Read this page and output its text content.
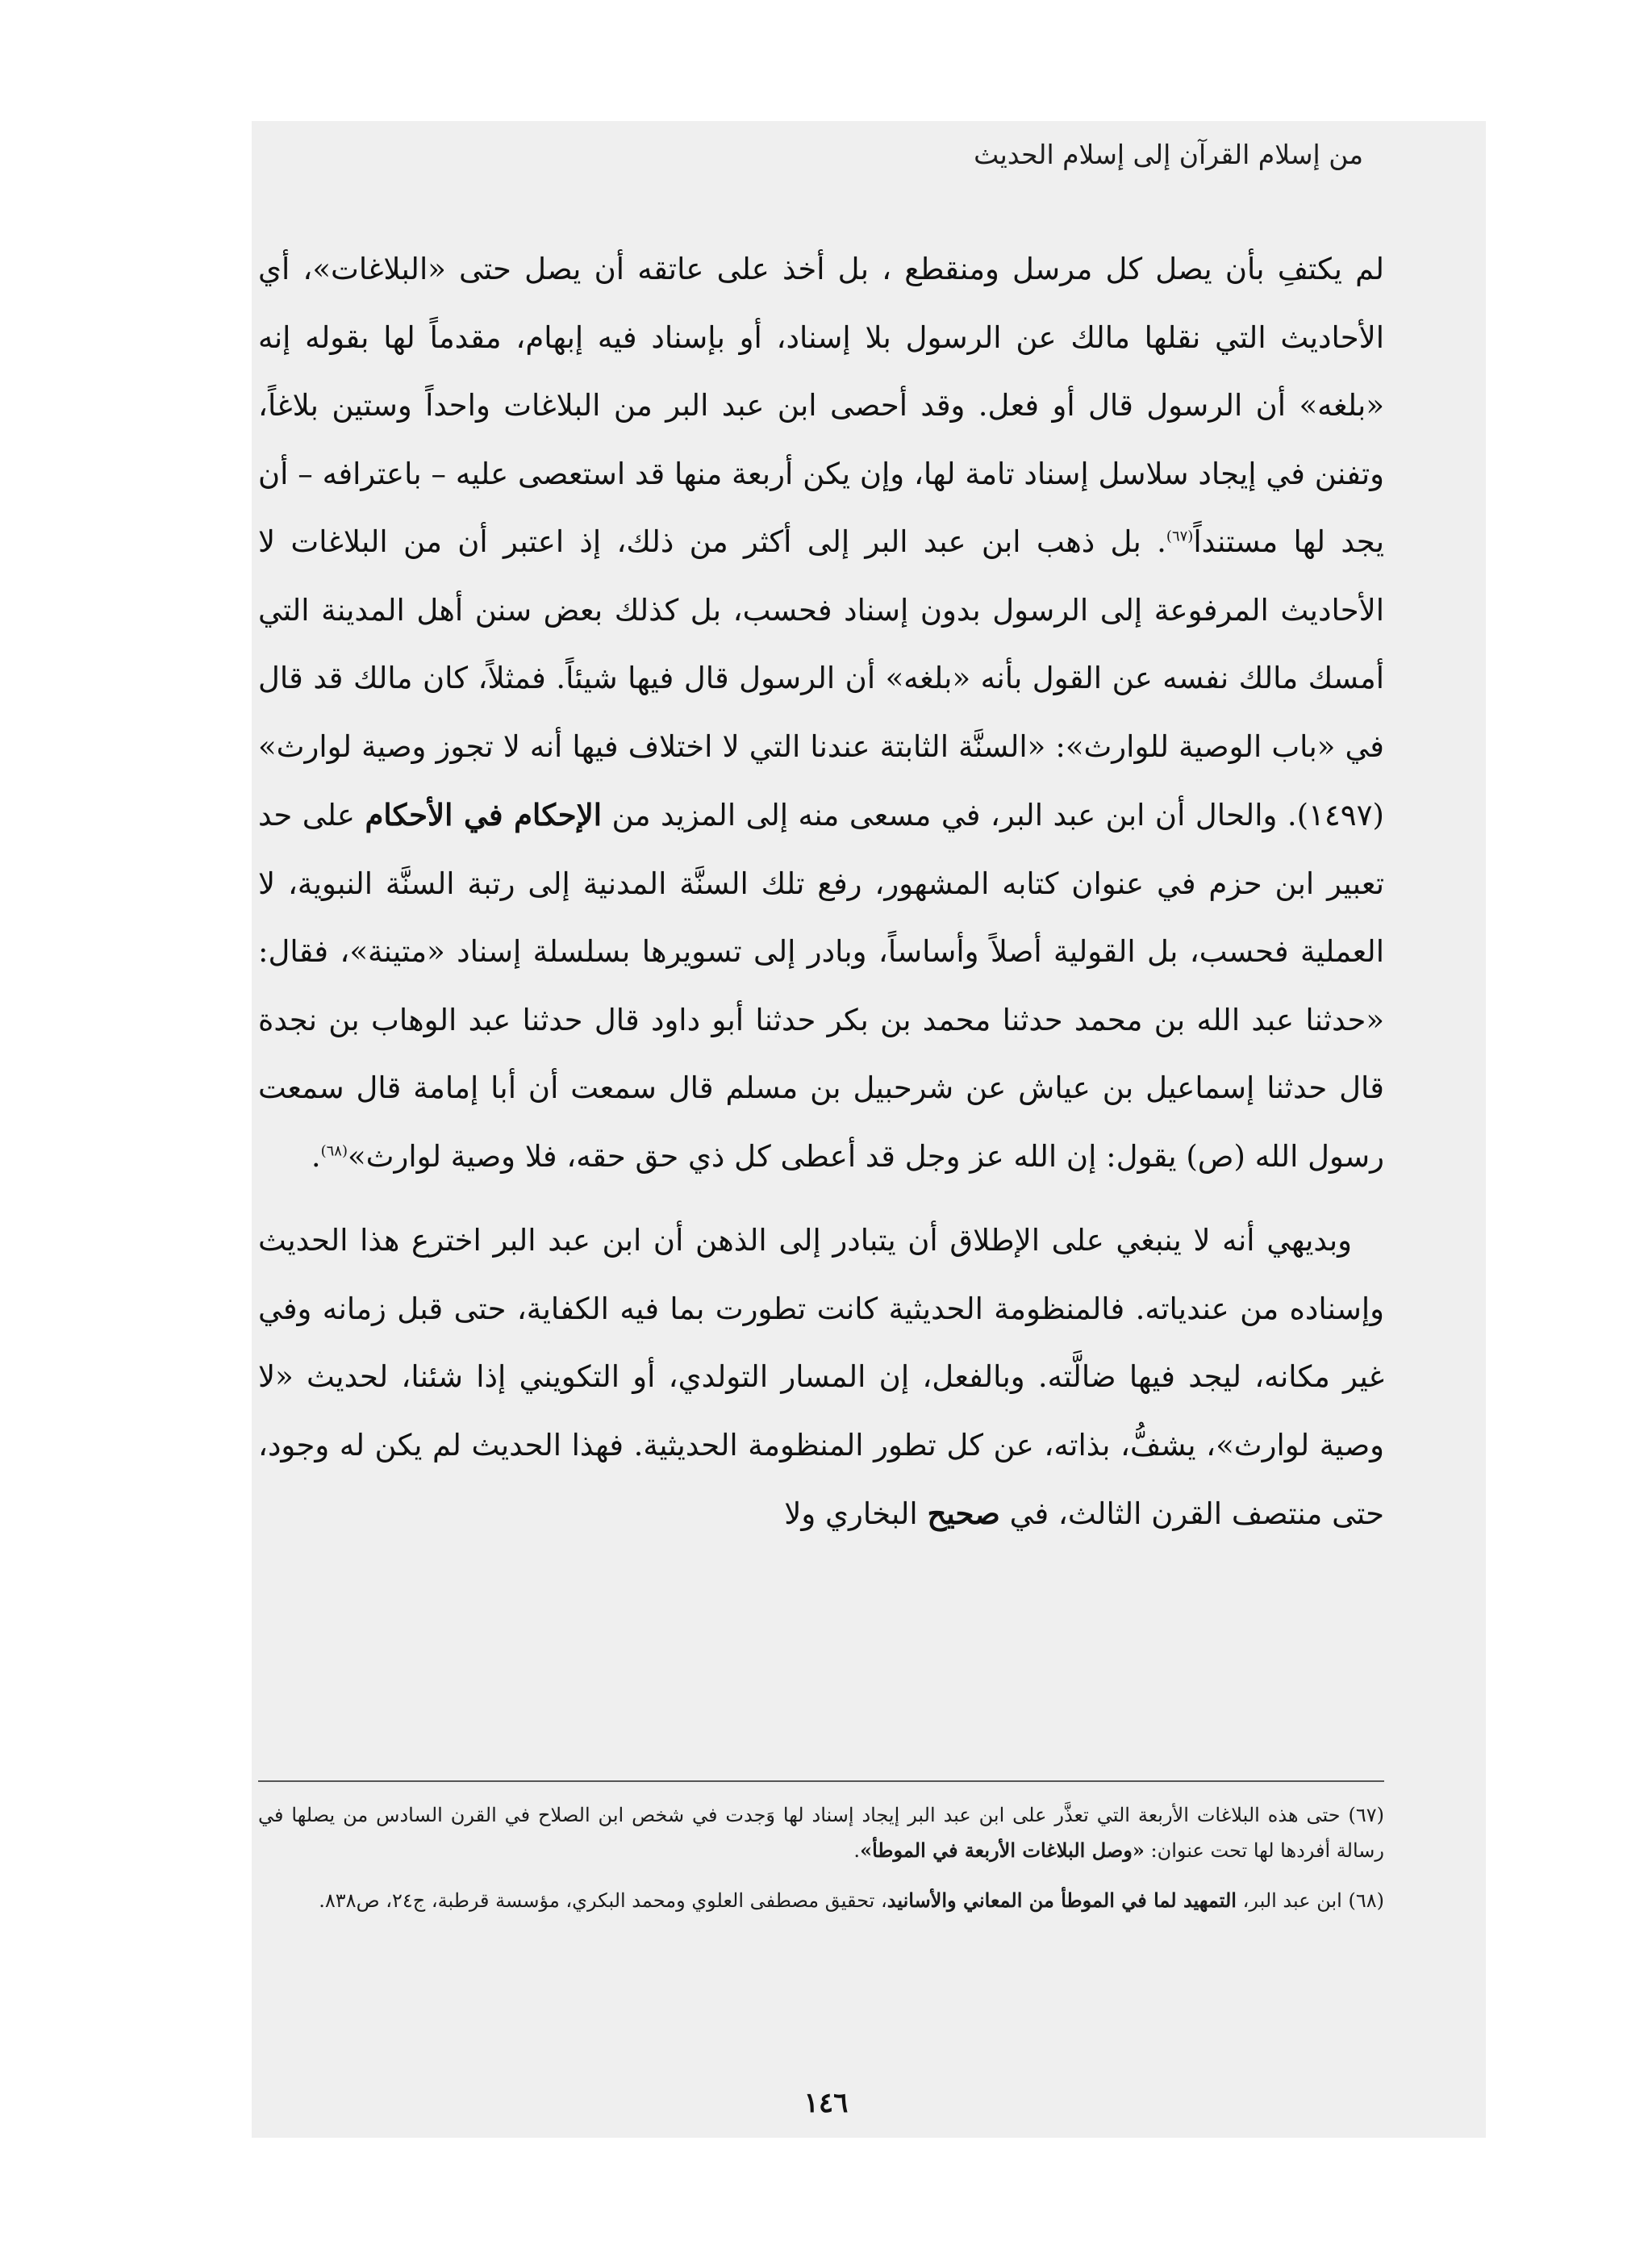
من إسلام القرآن إلى إسلام الحديث

لم يكتفِ بأن يصل كل مرسل ومنقطع ، بل أخذ على عاتقه أن يصل حتى «البلاغات»، أي الأحاديث التي نقلها مالك عن الرسول بلا إسناد، أو بإسناد فيه إبهام، مقدماً لها بقوله إنه «بلغه» أن الرسول قال أو فعل. وقد أحصى ابن عبد البر من البلاغات واحداً وستين بلاغاً، وتفنن في إيجاد سلاسل إسناد تامة لها، وإن يكن أربعة منها قد استعصى عليه – باعترافه – أن يجد لها مستنداً$^{(٦٧)}$. بل ذهب ابن عبد البر إلى أكثر من ذلك، إذ اعتبر أن من البلاغات لا الأحاديث المرفوعة إلى الرسول بدون إسناد فحسب، بل كذلك بعض سنن أهل المدينة التي أمسك مالك نفسه عن القول بأنه «بلغه» أن الرسول قال فيها شيئاً. فمثلاً، كان مالك قد قال في «باب الوصية للوارث»: «السنَّة الثابتة عندنا التي لا اختلاف فيها أنه لا تجوز وصية لوارث» (١٤٩٧). والحال أن ابن عبد البر، في مسعى منه إلى المزيد من الإحكام في الأحكام على حد تعبير ابن حزم في عنوان كتابه المشهور، رفع تلك السنَّة المدنية إلى رتبة السنَّة النبوية، لا العملية فحسب، بل القولية أصلاً وأساساً، وبادر إلى تسويرها بسلسلة إسناد «متينة»، فقال: «حدثنا عبد الله بن محمد حدثنا محمد بن بكر حدثنا أبو داود قال حدثنا عبد الوهاب بن نجدة قال حدثنا إسماعيل بن عياش عن شرحبيل بن مسلم قال سمعت أن أبا إمامة قال سمعت رسول الله (ص) يقول: إن الله عز وجل قد أعطى كل ذي حق حقه، فلا وصية لوارث»$^{(٦٨)}$.

وبديهي أنه لا ينبغي على الإطلاق أن يتبادر إلى الذهن أن ابن عبد البر اخترع هذا الحديث وإسناده من عندياته. فالمنظومة الحديثية كانت تطورت بما فيه الكفاية، حتى قبل زمانه وفي غير مكانه، ليجد فيها ضالَّته. وبالفعل، إن المسار التولدي، أو التكويني إذا شئنا، لحديث «لا وصية لوارث»، يشفُّ، بذاته، عن كل تطور المنظومة الحديثية. فهذا الحديث لم يكن له وجود، حتى منتصف القرن الثالث، في صحيح البخاري ولا

(٦٧) حتى هذه البلاغات الأربعة التي تعذَّر على ابن عبد البر إيجاد إسناد لها وَجدت في شخص ابن الصلاح في القرن السادس من يصلها في رسالة أفردها لها تحت عنوان: «وصل البلاغات الأربعة في الموطأ».

(٦٨) ابن عبد البر، التمهيد لما في الموطأ من المعاني والأسانيد، تحقيق مصطفى العلوي ومحمد البكري، مؤسسة قرطبة، ج٢٤، ص٨٣٨.

١٤٦
